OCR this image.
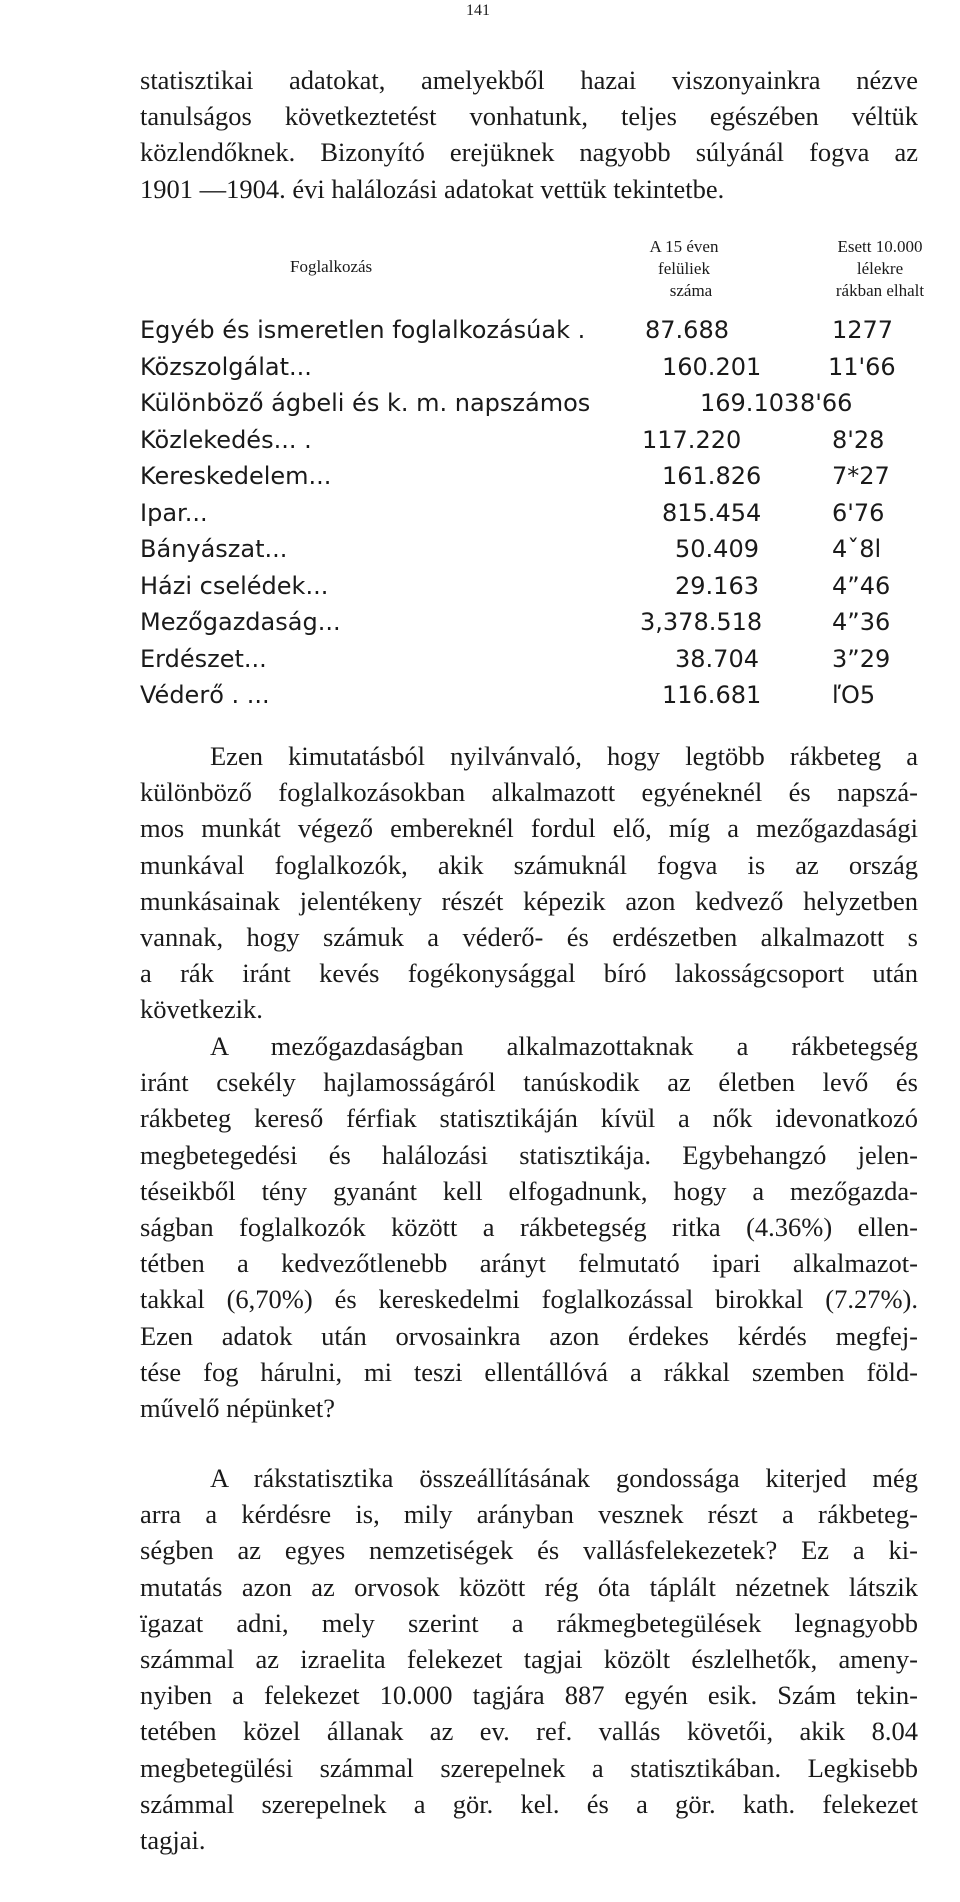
141
statisztikai adatokat, amelyekből hazai viszonyainkra nézve
tanulságos következtetést vonhatunk, teljes egészében véltük
közlendőknek. Bizonyító erejüknek nagyobb súlyánál fogva az
1901 —1904. évi halálozási adatokat vettük tekintetbe.
Foglalkozás
A 15 éven
felüliek
száma
Esett 10.000
lélekre
rákban elhalt
Egyéb és ismeretlen foglalkozásúak . 87.688	1277
Közszolgálat...	160.201	11'66
Különböző ágbeli és k. m. napszámos	169.103 8'66
Közlekedés... .	117.220	8'28
Kereskedelem...	161.826	7*27
Ipar...	815.454	6'76
Bányászat...	50.409	4ˇ8l
Házi cselédek...	29.163	4”46
Mezőgazdaság...	3,378.518	4”36
Erdészet...	38.704	3”29
Véderő . ...	116.681	ľO5
Ezen kimutatásból nyilvánvaló, hogy legtöbb rákbeteg a
különböző foglalkozásokban alkalmazott egyéneknél és napszá-
mos munkát végező embereknél fordul elő, míg a mezőgazdasági
munkával foglalkozók, akik számuknál fogva is az ország
munkásainak jelentékeny részét képezik azon kedvező helyzetben
vannak, hogy számuk a véderő- és erdészetben alkalmazott s
a rák iránt kevés fogékonysággal bíró lakosságcsoport után
következik.
A mezőgazdaságban alkalmazottaknak a rákbetegség
iránt csekély hajlamosságáról tanúskodik az életben levő és
rákbeteg kereső férfiak statisztikáján kívül a nők idevonatkozó
megbetegedési és halálozási statisztikája. Egybehangzó jelen-
téseikből tény gyanánt kell elfogadnunk, hogy a mezőgazda-
ságban foglalkozók között a rákbetegség ritka (4.36%) ellen-
tétben a kedvezőtlenebb arányt felmutató ipari alkalmazot-
takkal (6,70%) és kereskedelmi foglalkozással birokkal (7.27%).
Ezen adatok után orvosainkra azon érdekes kérdés megfej-
tése fog hárulni, mi teszi ellentállóvá a rákkal szemben föld-
művelő népünket?
A rákstatisztika összeállításának gondossága kiterjed még
arra a kérdésre is, mily arányban vesznek részt a rákbeteg-
ségben az egyes nemzetiségek és vallásfelekezetek? Ez a ki-
mutatás azon az orvosok között rég óta táplált nézetnek látszik
ïgazat adni, mely szerint a rákmegbetegülések legnagyobb
számmal az izraelita felekezet tagjai közölt észlelhetők, ameny-
nyiben a felekezet 10.000 tagjára 887 egyén esik. Szám tekin-
tetében közel állanak az ev. ref. vallás követői, akik 8.04
megbetegülési számmal szerepelnek a statisztikában. Legkisebb
számmal szerepelnek a gör. kel. és a gör. kath. felekezet
tagjai.
